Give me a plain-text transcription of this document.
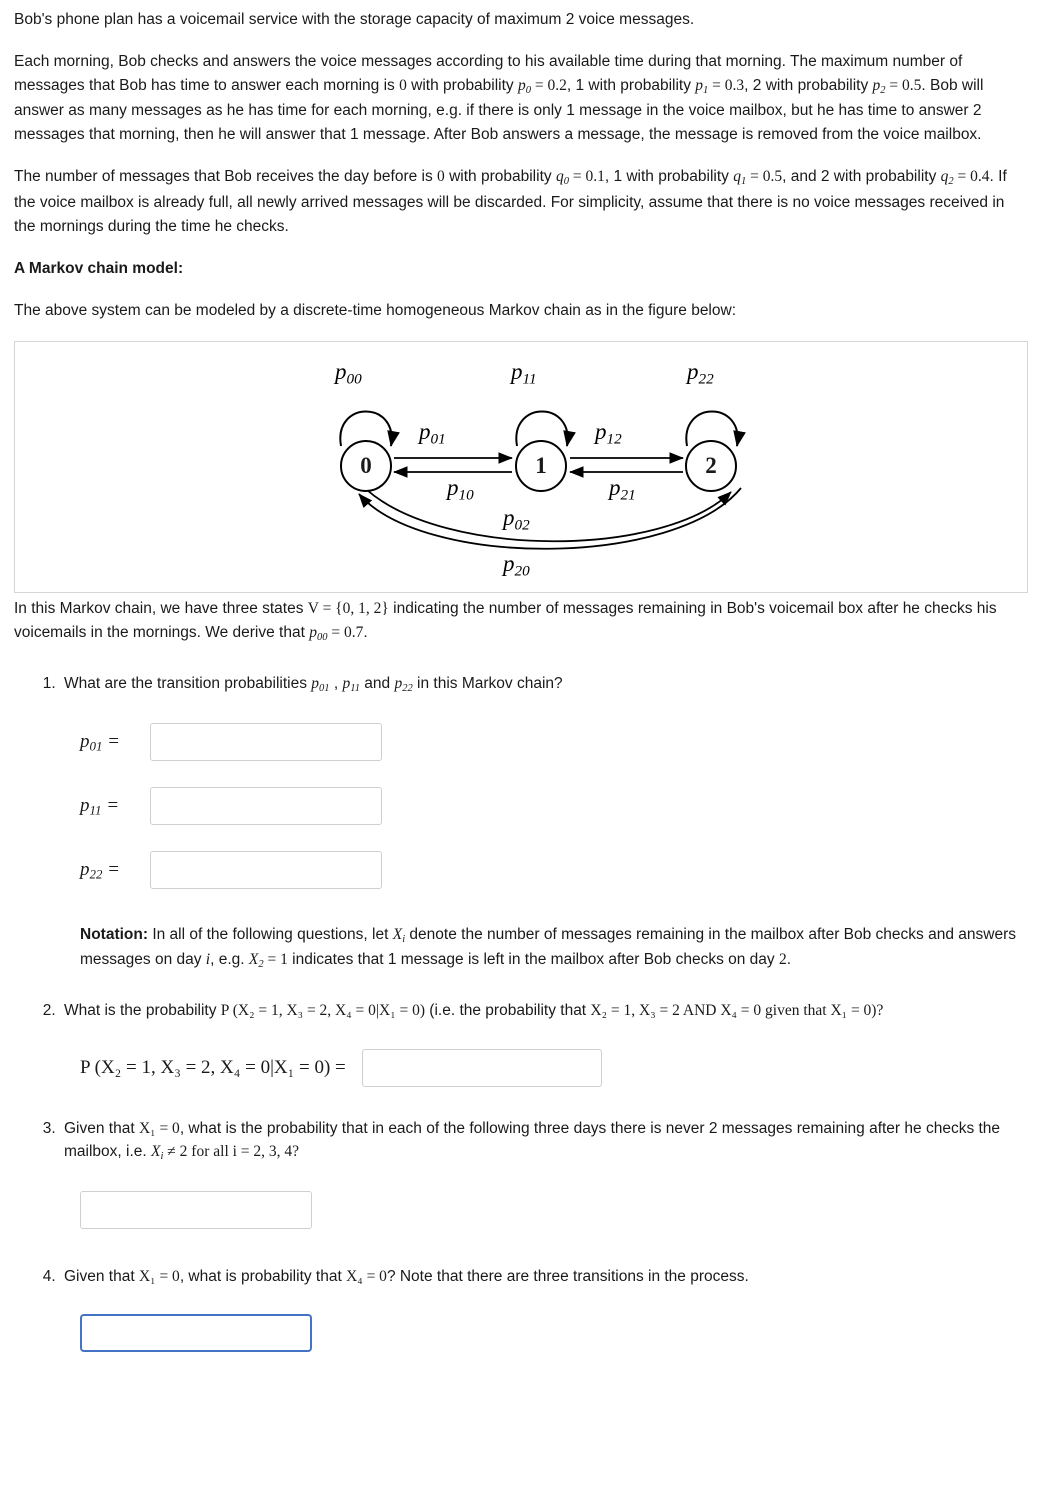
Bob's phone plan has a voicemail service with the storage capacity of maximum 2 voice messages.

Each morning, Bob checks and answers the voice messages according to his available time during that morning. The maximum number of messages that Bob has time to answer each morning is 0 with probability $p_0 = 0.2$, 1 with probability $p_1 = 0.3$, 2 with probability $p_2 = 0.5$. Bob will answer as many messages as he has time for each morning, e.g. if there is only 1 message in the voice mailbox, but he has time to answer 2 messages that morning, then he will answer that 1 message. After Bob answers a message, the message is removed from the voice mailbox.

The number of messages that Bob receives the day before is 0 with probability $q_0 = 0.1$, 1 with probability $q_1 = 0.5$, and 2 with probability $q_2 = 0.4$. If the voice mailbox is already full, all newly arrived messages will be discarded. For simplicity, assume that there is no voice messages received in the mornings during the time he checks.

A Markov chain model:

The above system can be modeled by a discrete-time homogeneous Markov chain as in the figure below:

0	1	2
$p_{00}$	$p_{11}$	$p_{22}$
$p_{01}$
$p_{10}$
$p_{12}$
$p_{21}$
$p_{02}$
$p_{20}$

In this Markov chain, we have three states V = {0, 1, 2} indicating the number of messages remaining in Bob's voicemail box after he checks his voicemails in the mornings. We derive that $p_{00} = 0.7$.

1. What are the transition probabilities $p_{01}$ , $p_{11}$ and $p_{22}$ in this Markov chain?
$p_{01}$ =
$p_{11}$ =
$p_{22}$ =
Notation: In all of the following questions, let $X_i$ denote the number of messages remaining in the mailbox after Bob checks and answers messages on day i, e.g. $X_2 = 1$ indicates that 1 message is left in the mailbox after Bob checks on day 2.
2. What is the probability P (X₂ = 1, X₃ = 2, X₄ = 0|X₁ = 0) (i.e. the probability that X₂ = 1, X₃ = 2 AND X₄ = 0 given that X₁ = 0)?
P (X₂ = 1, X₃ = 2, X₄ = 0|X₁ = 0) =
3. Given that X₁ = 0, what is the probability that in each of the following three days there is never 2 messages remaining after he checks the mailbox, i.e. $X_i \ne 2$ for all i = 2, 3, 4?
4. Given that X₁ = 0, what is probability that X₄ = 0? Note that there are three transitions in the process.
